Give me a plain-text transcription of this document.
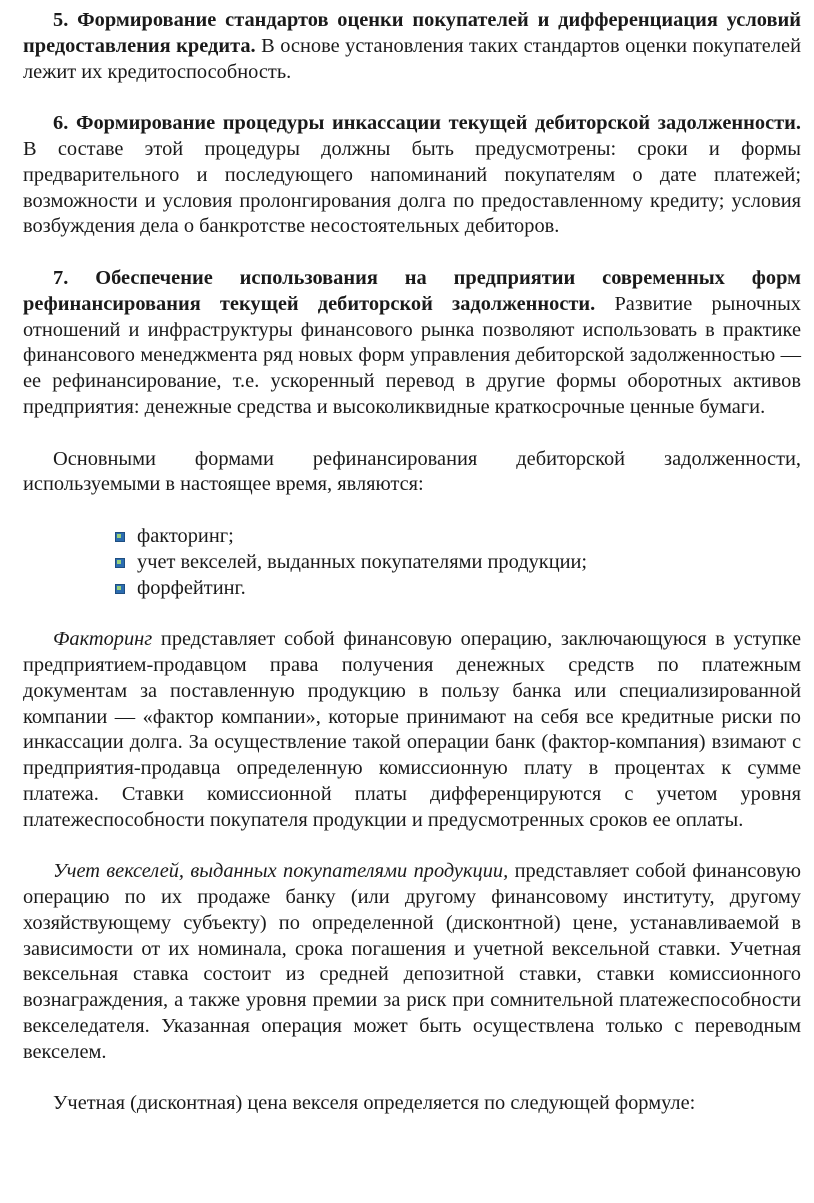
5. Формирование стандартов оценки покупателей и дифференциация условий предоставления кредита. В основе установления таких стандартов оценки покупателей лежит их кредитоспособность.

6. Формирование процедуры инкассации текущей дебиторской задолженности. В составе этой процедуры должны быть предусмотрены: сроки и формы предварительного и последующего напоминаний покупателям о дате платежей; возможности и условия пролонгирования долга по предоставленному кредиту; условия возбуждения дела о банкротстве несостоятельных дебиторов.

7. Обеспечение использования на предприятии современных форм рефинансирования текущей дебиторской задолженности. Развитие рыночных отношений и инфраструктуры финансового рынка позволяют использовать в практике финансового менеджмента ряд новых форм управления дебиторской задолженностью — ее рефинансирование, т.е. ускоренный перевод в другие формы оборотных активов предприятия: денежные средства и высоколиквидные краткосрочные ценные бумаги.

Основными формами рефинансирования дебиторской задолженности, используемыми в настоящее время, являются:

факторинг;
учет векселей, выданных покупателями продукции;
форфейтинг.

Факторинг представляет собой финансовую операцию, заключающуюся в уступке предприятием-продавцом права получения денежных средств по платежным документам за поставленную продукцию в пользу банка или специализированной компании — «фактор компании», которые принимают на себя все кредитные риски по инкассации долга. За осуществление такой операции банк (фактор-компания) взимают с предприятия-продавца определенную комиссионную плату в процентах к сумме платежа. Ставки комиссионной платы дифференцируются с учетом уровня платежеспособности покупателя продукции и предусмотренных сроков ее оплаты.

Учет векселей, выданных покупателями продукции, представляет собой финансовую операцию по их продаже банку (или другому финансовому институту, другому хозяйствующему субъекту) по определенной (дисконтной) цене, устанавливаемой в зависимости от их номинала, срока погашения и учетной вексельной ставки. Учетная вексельная ставка состоит из средней депозитной ставки, ставки комиссионного вознаграждения, а также уровня премии за риск при сомнительной платежеспособности векселедателя. Указанная операция может быть осуществлена только с переводным векселем.

Учетная (дисконтная) цена векселя определяется по следующей формуле:
